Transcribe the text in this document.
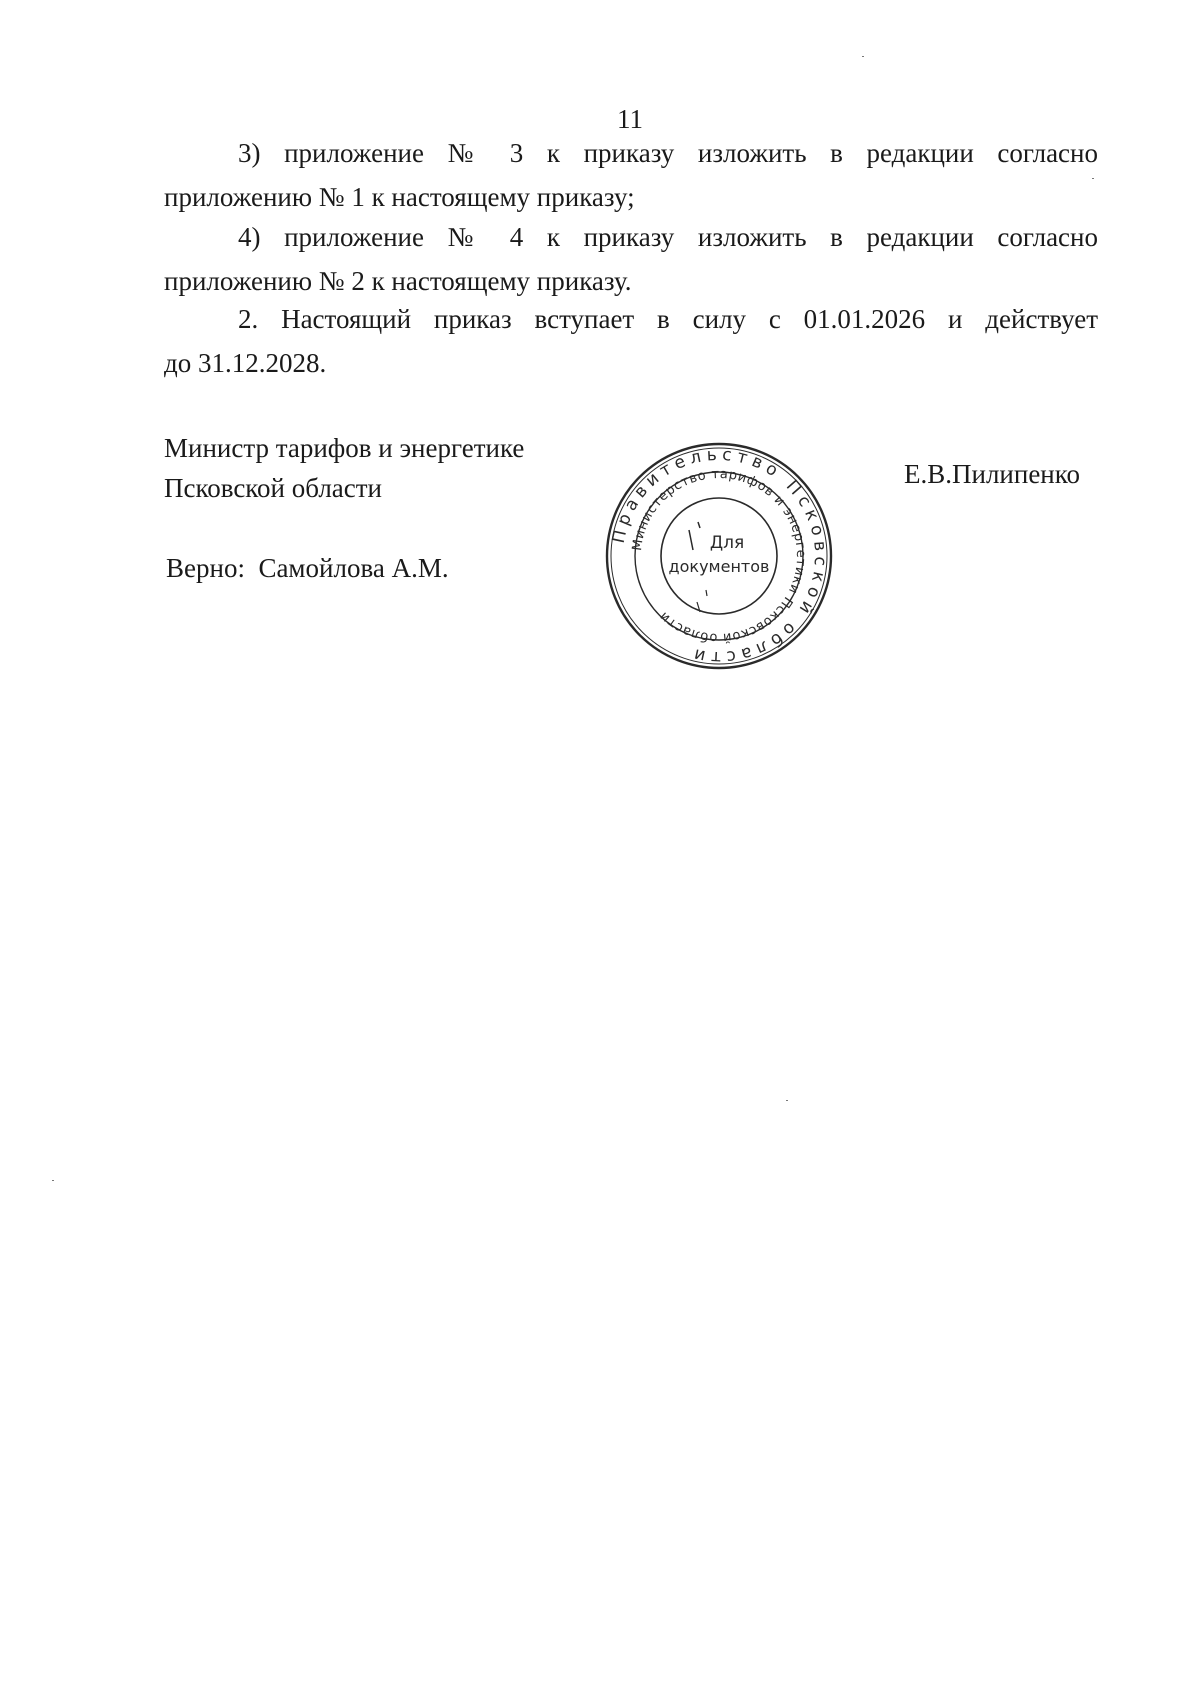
11

3) приложение № 3 к приказу изложить в редакции согласно
приложению № 1 к настоящему приказу;

4) приложение № 4 к приказу изложить в редакции согласно
приложению № 2 к настоящему приказу.

2. Настоящий приказ вступает в силу с 01.01.2026 и действует
до 31.12.2028.

Министр тарифов и энергетике
Псковской области	Е.В.Пилипенко
Верно:  Самойлова А.М.
Правительство Псковской области
Министерство тарифов и энергетики Псковской области
Для
документов
